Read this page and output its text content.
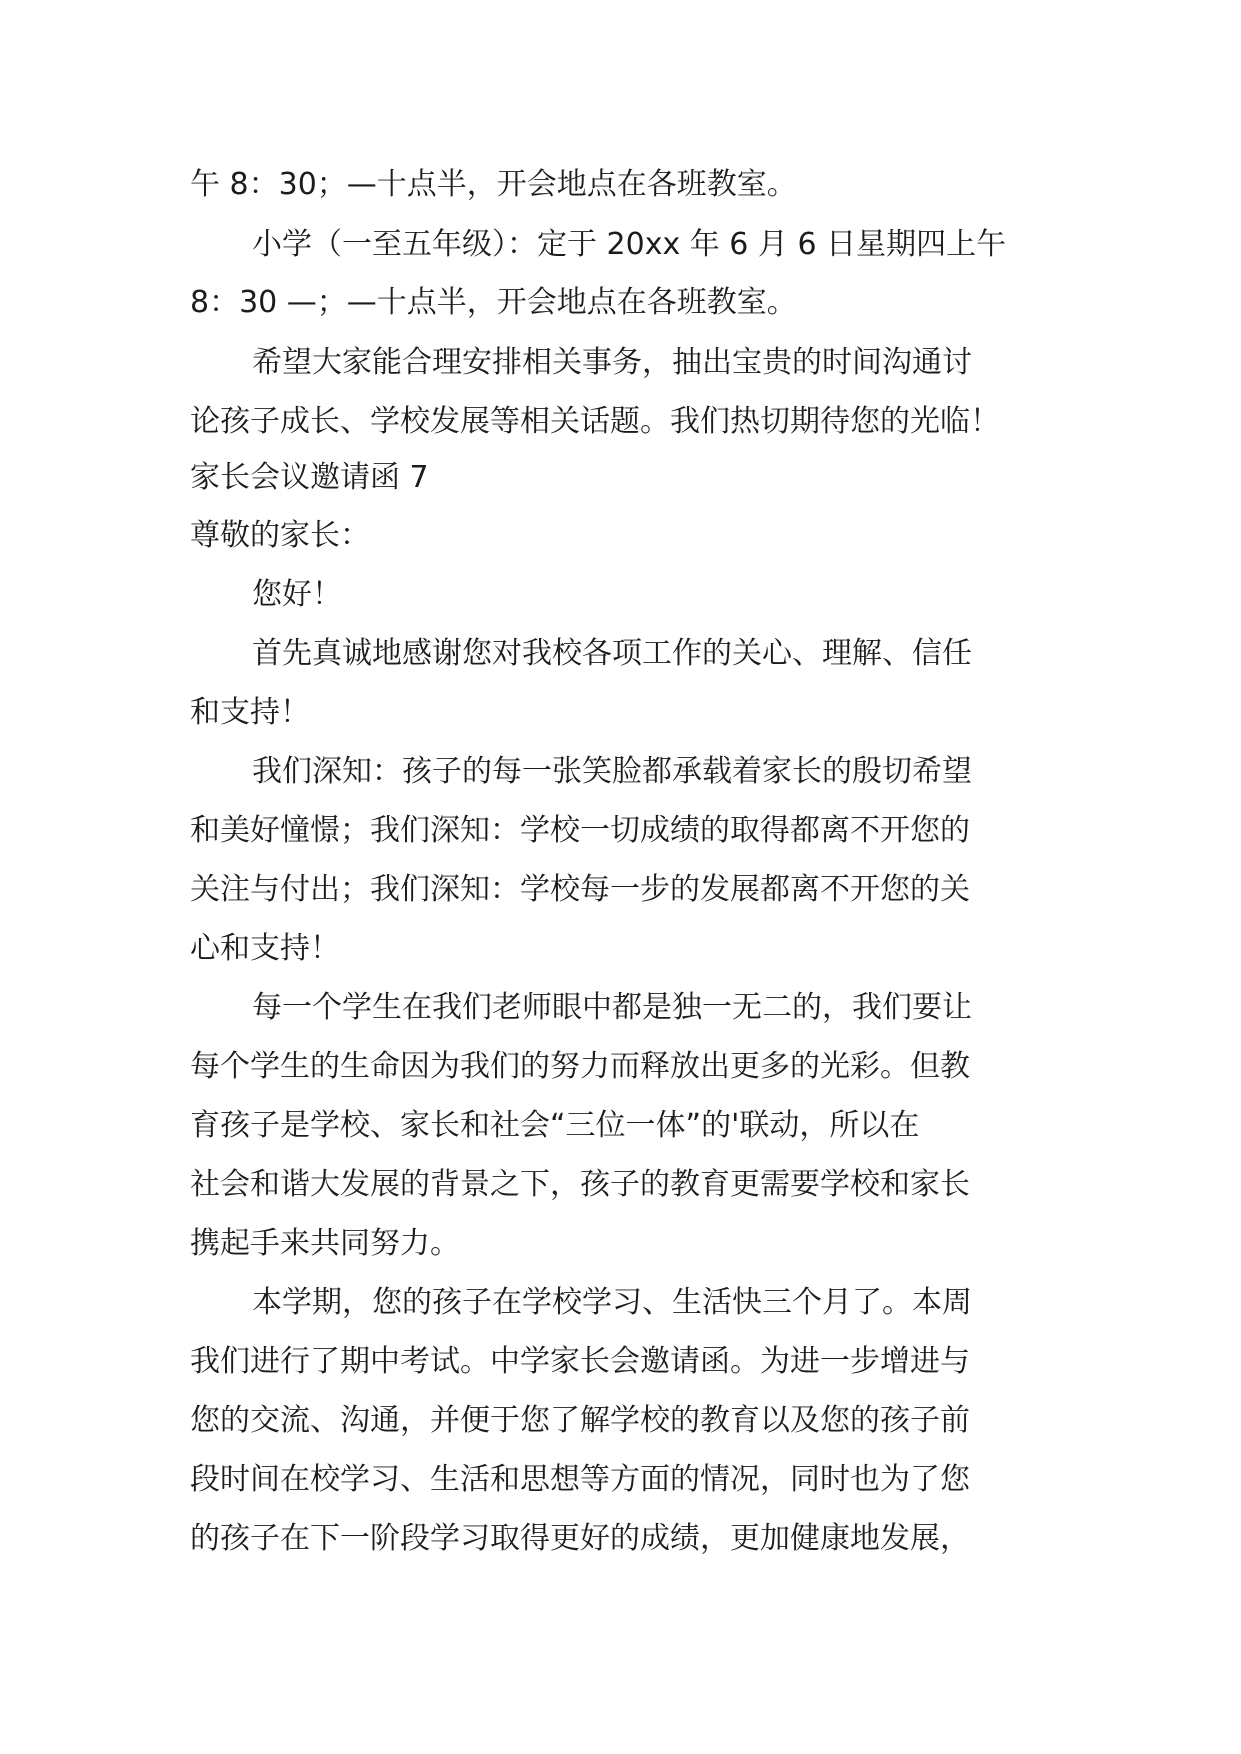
午 8：30；—十点半，开会地点在各班教室。
小学（一至五年级）：定于 20xx 年 6 月 6 日星期四上午
8：30 —；—十点半，开会地点在各班教室。
希望大家能合理安排相关事务，抽出宝贵的时间沟通讨
论孩子成长、学校发展等相关话题。我们热切期待您的光临！
家长会议邀请函 7
尊敬的家长：
您好！
首先真诚地感谢您对我校各项工作的关心、理解、信任
和支持！
我们深知：孩子的每一张笑脸都承载着家长的殷切希望
和美好憧憬；我们深知：学校一切成绩的取得都离不开您的
关注与付出；我们深知：学校每一步的发展都离不开您的关
心和支持！
每一个学生在我们老师眼中都是独一无二的，我们要让
每个学生的生命因为我们的努力而释放出更多的光彩。但教
育孩子是学校、家长和社会“三位一体”的'联动，所以在
社会和谐大发展的背景之下，孩子的教育更需要学校和家长
携起手来共同努力。
本学期，您的孩子在学校学习、生活快三个月了。本周
我们进行了期中考试。中学家长会邀请函。为进一步增进与
您的交流、沟通，并便于您了解学校的教育以及您的孩子前
段时间在校学习、生活和思想等方面的情况，同时也为了您
的孩子在下一阶段学习取得更好的成绩，更加健康地发展，
